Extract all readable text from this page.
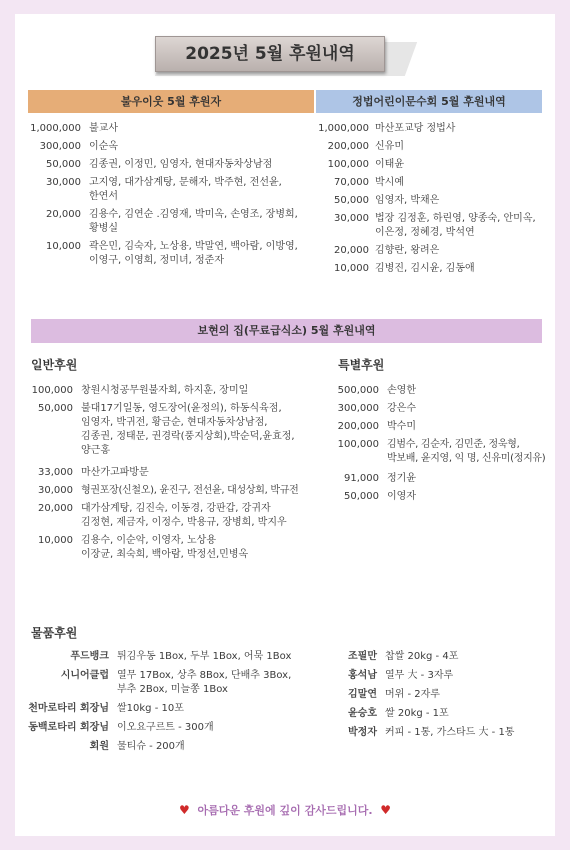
2025년 5월 후원내역
불우이웃 5월 후원자	정법어린이문수회 5월 후원내역
1,000,000 불교사
300,000 이순옥
50,000 김종권, 이정민, 임영자, 현대자동차상남점
30,000 고지영, 대가삼계탕, 문해자, 박주현, 전선윤,
한연서
20,000 김용수, 김연순 .김영재, 박미옥, 손영조, 장병희,
황병실
10,000 곽은민, 김숙자, 노상용, 박말연, 백아람, 이방영,
이영구, 이영희, 정미녀, 정준자
1,000,000 마산포교당 정법사
200,000 신유미
100,000 이태윤
70,000 박시예
50,000 임영자, 박채은
30,000 법장 김정훈, 하린영, 양종숙, 안미옥,
이은정, 정혜경, 박석연
20,000 김향란, 왕려은
10,000 김병진, 김시윤, 김동애
보현의 집(무료급식소) 5월 후원내역
일반후원	특별후원
100,000 창원시청공무원불자회, 하지훈, 장미일
50,000 불대17기일동, 영도장어(윤정의), 하동식육점,
임영자, 박귀전, 황금순, 현대자동차상남점,
김종권, 정태문, 권경락(풍지상회),박순덕,윤효정,
양근홍
33,000 마산가고파방문
30,000 형권포장(신철오), 윤진구, 전선윤, 대성상회, 박규전
20,000 대가삼계탕, 김진숙, 이동경, 강판갑, 강귀자
김정현, 제금자, 이정수, 박용규, 장병희, 박지우
10,000 김용수, 이순악, 이영자, 노상용
이장균, 최숙희, 백아람, 박정선,민병옥
500,000 손영한
300,000 강은수
200,000 박수미
100,000 김범수, 김순자, 김민준, 정욱형,
박보배, 윤지영, 익 명, 신유미(정지유)
91,000 정기윤
50,000 이영자
물품후원
푸드뱅크 튀김우동 1Box, 두부 1Box, 어묵 1Box
시니어클럽 열무 17Box, 상추 8Box, 단배추 3Box,
부추 2Box, 미늘쫑 1Box
천마로타리 회장님 쌀10kg - 10포
동백로타리 회장님 이오요구르트 - 300개
회원 물티슈 - 200개
조필만 찹쌀 20kg - 4포
홍석남 열무 大 - 3자루
김말연 머위 - 2자루
윤승호 쌀 20kg - 1포
박정자 커피 - 1통, 가스타드 大 - 1통
♥ 아름다운 후원에 깊이 감사드립니다. ♥
